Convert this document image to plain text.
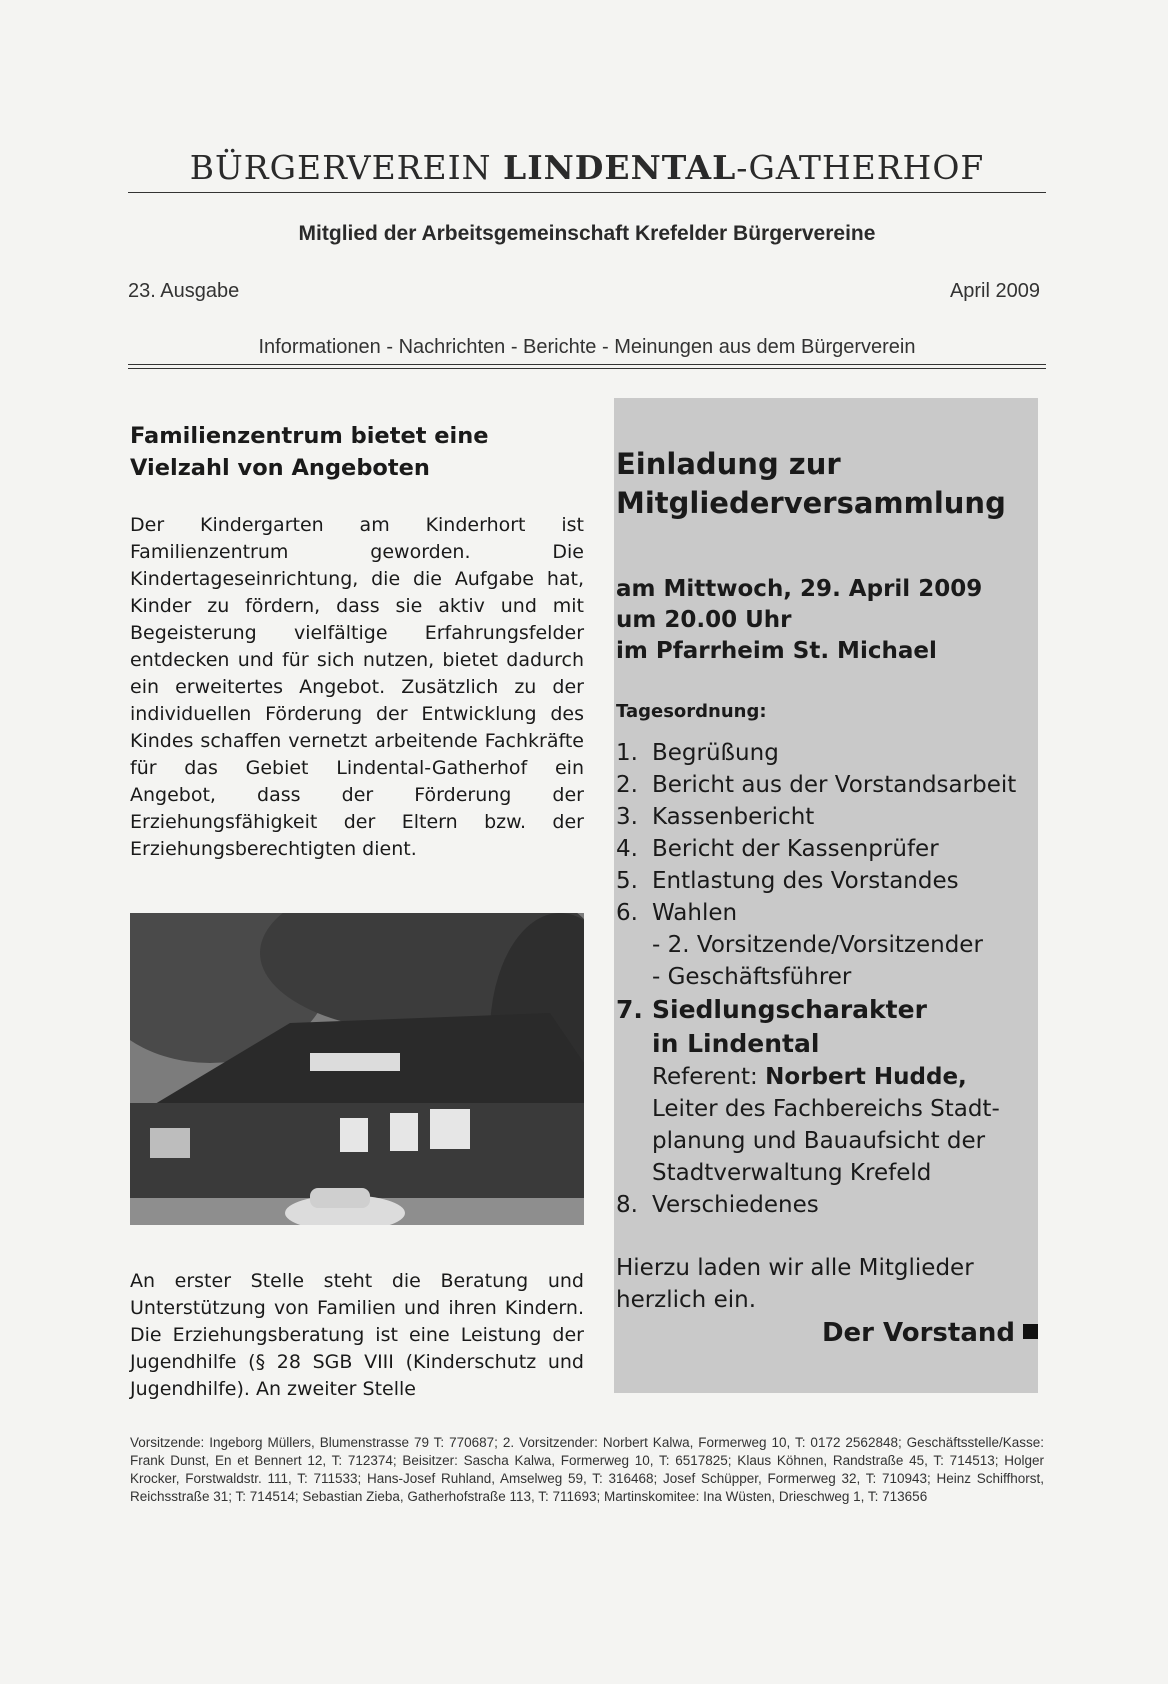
BÜRGERVEREIN LINDENTAL-GATHERHOF
Mitglied der Arbeitsgemeinschaft Krefelder Bürgervereine
23. Ausgabe	April 2009
Informationen - Nachrichten - Berichte - Meinungen aus dem Bürgerverein
Familienzentrum bietet eine Vielzahl von Angeboten

Der Kindergarten am Kinderhort ist Familienzentrum geworden. Die Kindertageseinrichtung, die die Aufgabe hat, Kinder zu fördern, dass sie aktiv und mit Begeisterung vielfältige Erfahrungsfelder entdecken und für sich nutzen, bietet dadurch ein erweitertes Angebot. Zusätzlich zu der individuellen Förderung der Entwicklung des Kindes schaffen vernetzt arbeitende Fachkräfte für das Gebiet Lindental-Gatherhof ein Angebot, dass der Förderung der Erziehungsfähigkeit der Eltern bzw. der Erziehungsberechtigten dient.

An erster Stelle steht die Beratung und Unterstützung von Familien und ihren Kindern. Die Erziehungsberatung ist eine Leistung der Jugendhilfe (§ 28 SGB VIII (Kinderschutz und Jugendhilfe). An zweiter Stelle

Einladung zur
Mitgliederversammlung
am Mittwoch, 29. April 2009
um 20.00 Uhr
im Pfarrheim St. Michael
Tagesordnung:
1. Begrüßung
2. Bericht aus der Vorstandsarbeit
3. Kassenbericht
4. Bericht der Kassenprüfer
5. Entlastung des Vorstandes
6. Wahlen
- 2. Vorsitzende/Vorsitzender
- Geschäftsführer
7. Siedlungscharakter
in Lindental
Referent: Norbert Hudde,
Leiter des Fachbereichs Stadt-
planung und Bauaufsicht der
Stadtverwaltung Krefeld
8. Verschiedenes
Hierzu laden wir alle Mitglieder herzlich ein.
Der Vorstand
Vorsitzende: Ingeborg Müllers, Blumenstrasse 79 T: 770687; 2. Vorsitzender: Norbert Kalwa, Formerweg 10, T: 0172 2562848; Geschäftsstelle/Kasse: Frank Dunst, En et Bennert 12, T: 712374; Beisitzer: Sascha Kalwa, Formerweg 10, T: 6517825; Klaus Köhnen, Randstraße 45, T: 714513; Holger Krocker, Forstwaldstr. 111, T: 711533; Hans-Josef Ruhland, Amselweg 59, T: 316468; Josef Schüpper, Formerweg 32, T: 710943; Heinz Schiffhorst, Reichsstraße 31; T: 714514; Sebastian Zieba, Gatherhofstraße 113, T: 711693; Martinskomitee: Ina Wüsten, Drieschweg 1, T: 713656
